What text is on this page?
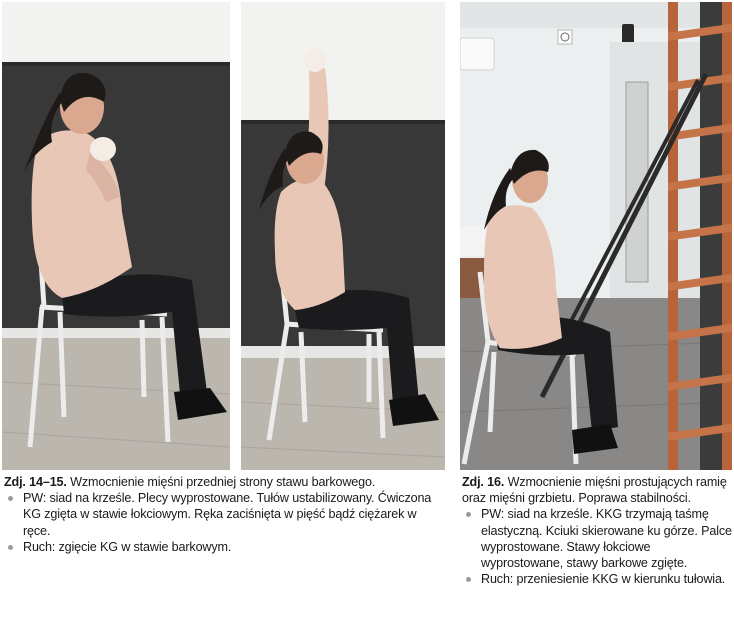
Zdj. 14–15. Wzmocnienie mięśni przedniej strony stawu barkowego.
PW: siad na krześle. Plecy wyprostowane. Tułów ustabilizowany. Ćwiczona KG zgięta w stawie łokciowym. Ręka zaciśnięta w pięść bądź ciężarek w ręce.
Ruch: zgięcie KG w stawie barkowym.
Zdj. 16. Wzmocnienie mięśni prostujących ramię oraz mięśni grzbietu. Poprawa stabilności.
PW: siad na krześle. KKG trzymają taśmę elastyczną. Kciuki skierowane ku górze. Palce wyprostowane. Stawy łokciowe wyprostowane, stawy barkowe zgięte.
Ruch: przeniesienie KKG w kierunku tułowia.
